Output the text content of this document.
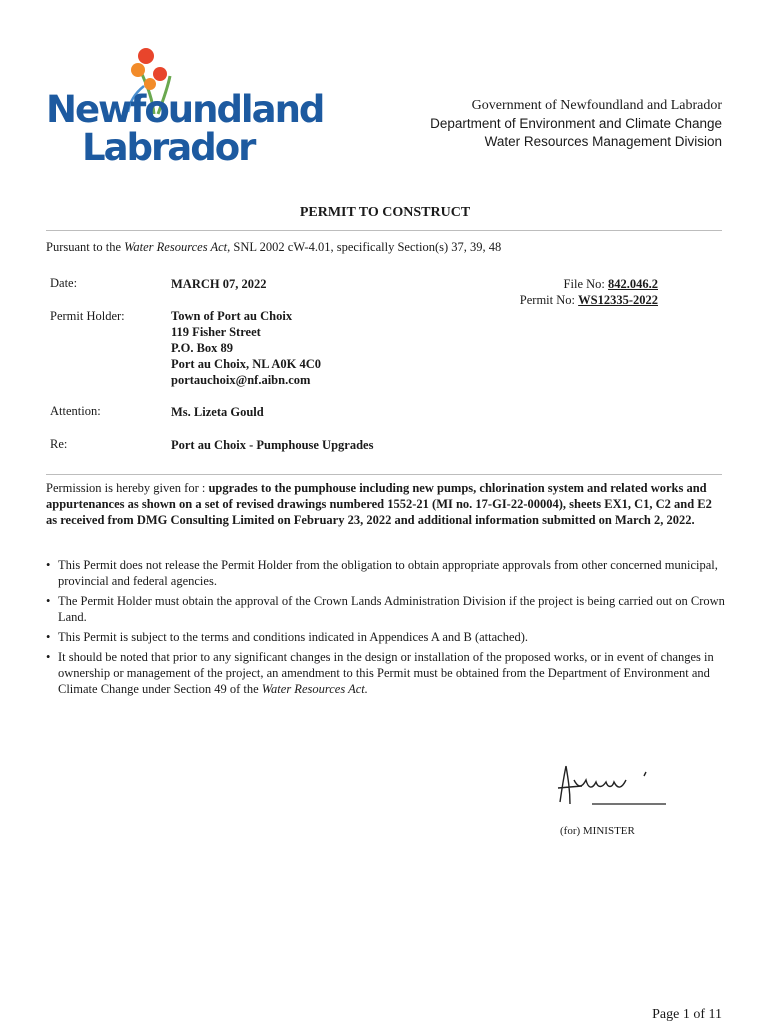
Newfoundland
Labrador
Government of Newfoundland and Labrador
Department of Environment and Climate Change
Water Resources Management Division
PERMIT TO CONSTRUCT
Pursuant to the Water Resources Act, SNL 2002 cW-4.01, specifically Section(s) 37, 39, 48
Date:	MARCH 07, 2022	File No: 842.046.2
Permit No: WS12335-2022
Permit Holder:	Town of Port au Choix
119 Fisher Street
P.O. Box 89
Port au Choix, NL A0K 4C0
portauchoix@nf.aibn.com
Attention:	Ms. Lizeta Gould
Re:	Port au Choix - Pumphouse Upgrades
Permission is hereby given for : upgrades to the pumphouse including new pumps, chlorination system and related works and appurtenances as shown on a set of revised drawings numbered 1552-21 (MI no. 17-GI-22-00004), sheets EX1, C1, C2 and E2 as received from DMG Consulting Limited on February 23, 2022 and additional information submitted on March 2, 2022.
• This Permit does not release the Permit Holder from the obligation to obtain appropriate approvals from other concerned municipal, provincial and federal agencies.
• The Permit Holder must obtain the approval of the Crown Lands Administration Division if the project is being carried out on Crown Land.
• This Permit is subject to the terms and conditions indicated in Appendices A and B (attached).
• It should be noted that prior to any significant changes in the design or installation of the proposed works, or in event of changes in ownership or management of the project, an amendment to this Permit must be obtained from the Department of Environment and Climate Change under Section 49 of the Water Resources Act.
(for) MINISTER
Page 1 of 11
